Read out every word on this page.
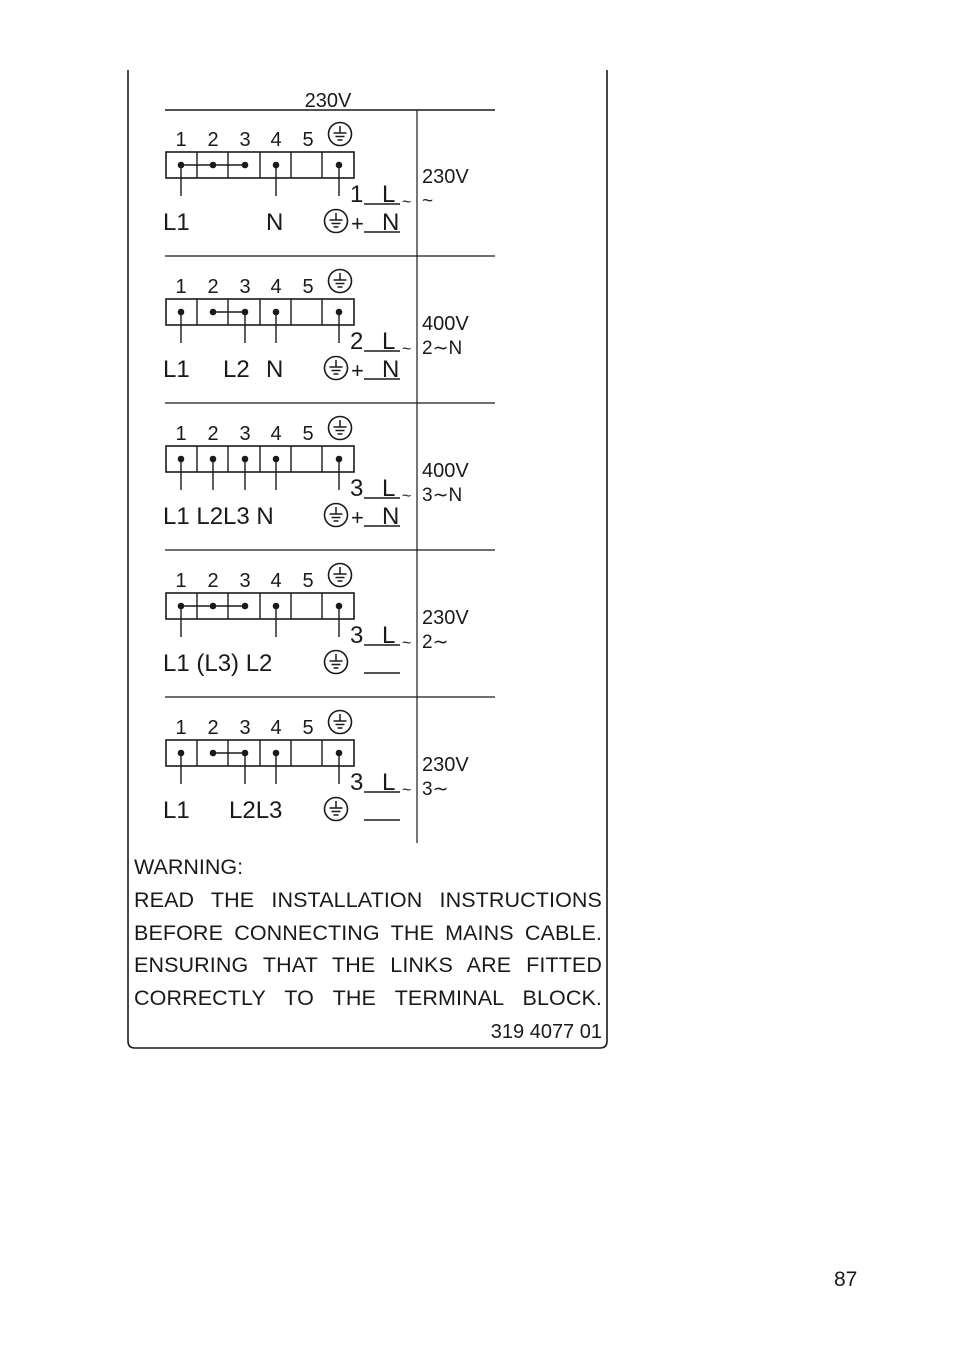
230V
1 2 3 4 5
L1	N
1 L ~
+ N
230V
~
1 2 3 4 5
L1 L2 N
2 L ~
+ N
400V
2∼N
1 2 3 4 5
L1 L2L3 N
3 L ~
+ N
400V
3∼N
1 2 3 4 5
L1 (L3) L2
3 L ~
230V
2∼
1 2 3 4 5
L1 L2L3
3 L ~
230V
3∼
WARNING:
READ THE INSTALLATION INSTRUCTIONS
BEFORE CONNECTING THE MAINS CABLE.
ENSURING THAT THE LINKS ARE FITTED
CORRECTLY TO THE TERMINAL BLOCK.
319 4077 01
87
